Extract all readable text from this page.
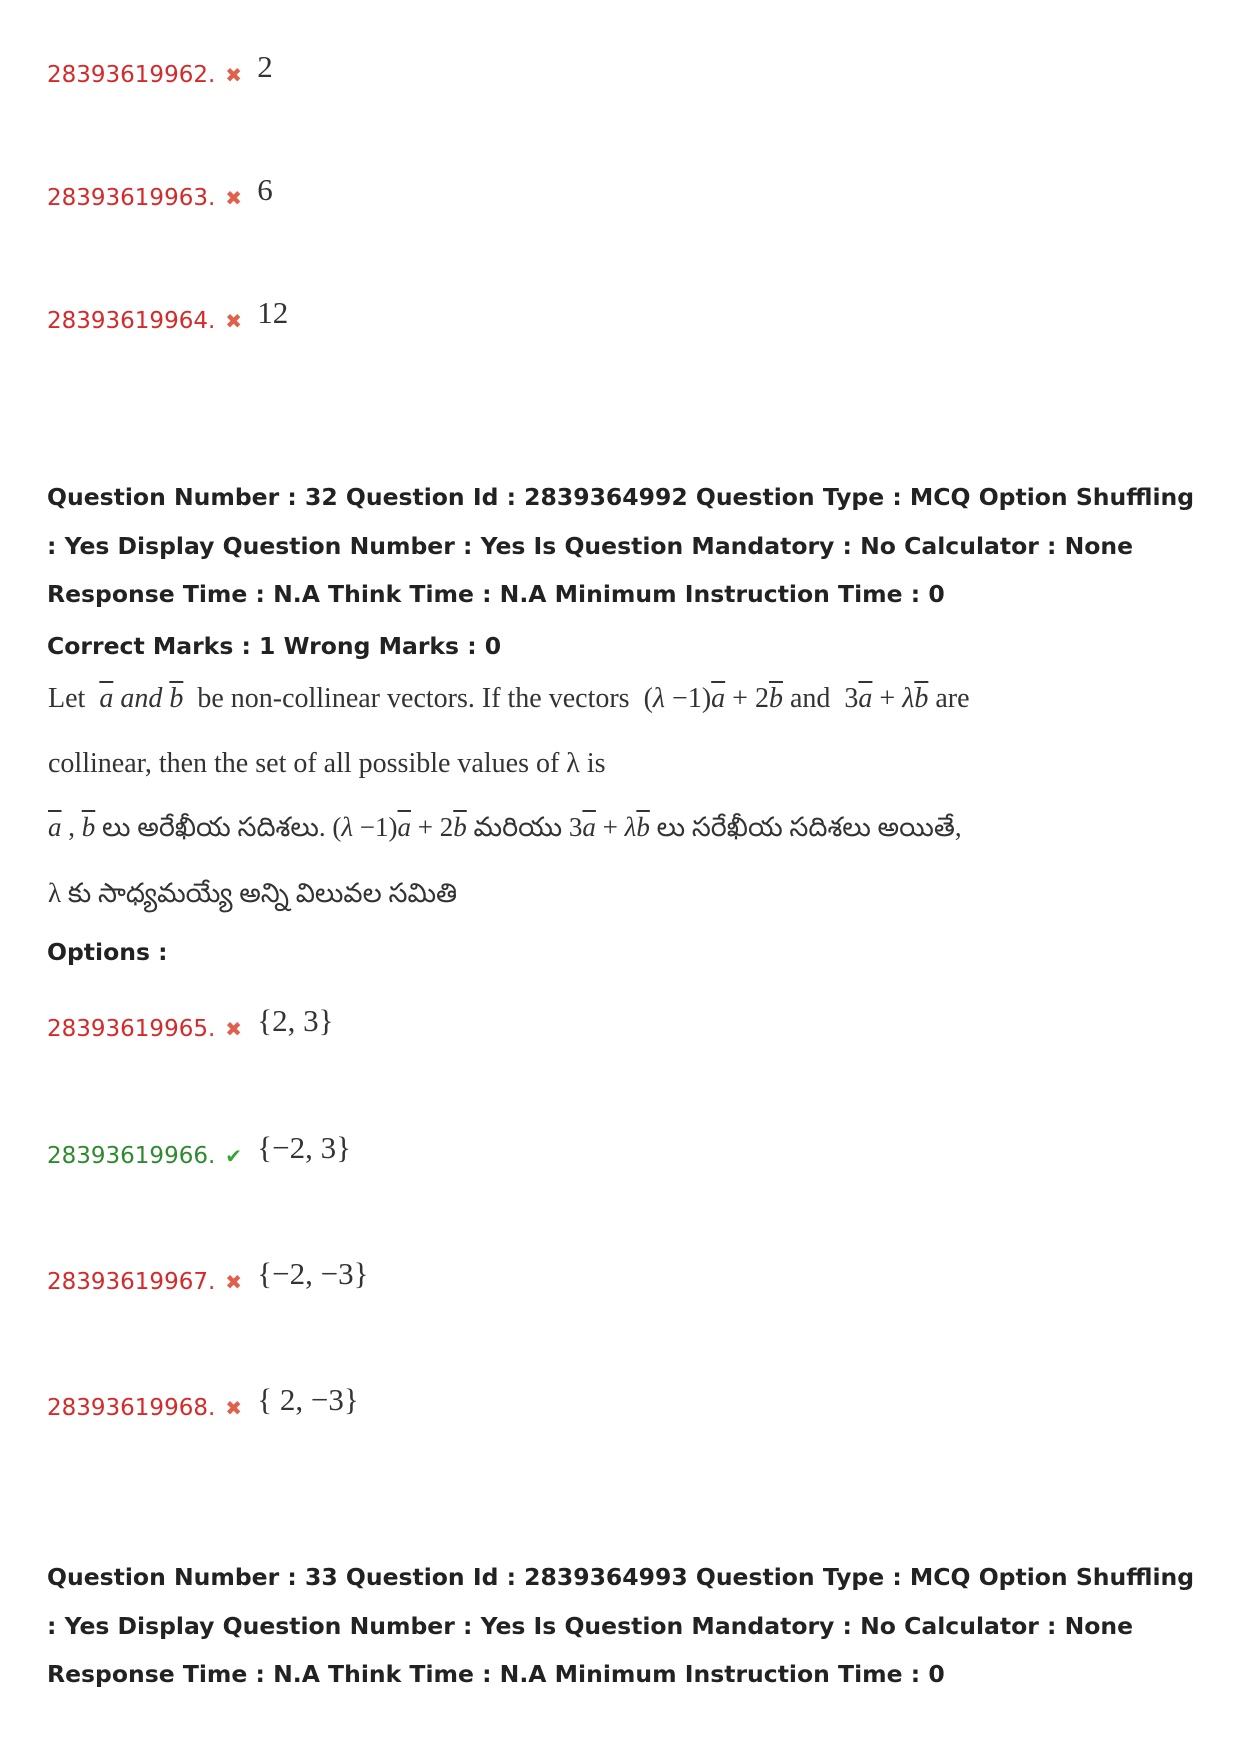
28393619962. ✖ 2
28393619963. ✖ 6
28393619964. ✖ 12
Question Number : 32 Question Id : 2839364992 Question Type : MCQ Option Shuffling : Yes Display Question Number : Yes Is Question Mandatory : No Calculator : None Response Time : N.A Think Time : N.A Minimum Instruction Time : 0
Correct Marks : 1 Wrong Marks : 0
Let $\overline{a}$ and $\overline{b}$ be non-collinear vectors. If the vectors  $(\lambda -1)\overline{a} + 2\overline{b}$ and  $3\overline{a} + \lambda\overline{b}$ are
collinear, then the set of all possible values of λ is
$\overline{a}$ , $\overline{b}$ లు అరేఖీయ సదిశలు. $(\lambda -1)\overline{a} + 2\overline{b}$ మరియు $3\overline{a} + \lambda\overline{b}$ లు సరేఖీయ సదిశలు అయితే,
λ కు సాధ్యమయ్యే అన్ని విలువల సమితి
Options :
28393619965. ✖ {2, 3}
28393619966. ✔ {−2, 3}
28393619967. ✖ {−2, −3}
28393619968. ✖ { 2, −3}
Question Number : 33 Question Id : 2839364993 Question Type : MCQ Option Shuffling : Yes Display Question Number : Yes Is Question Mandatory : No Calculator : None Response Time : N.A Think Time : N.A Minimum Instruction Time : 0
